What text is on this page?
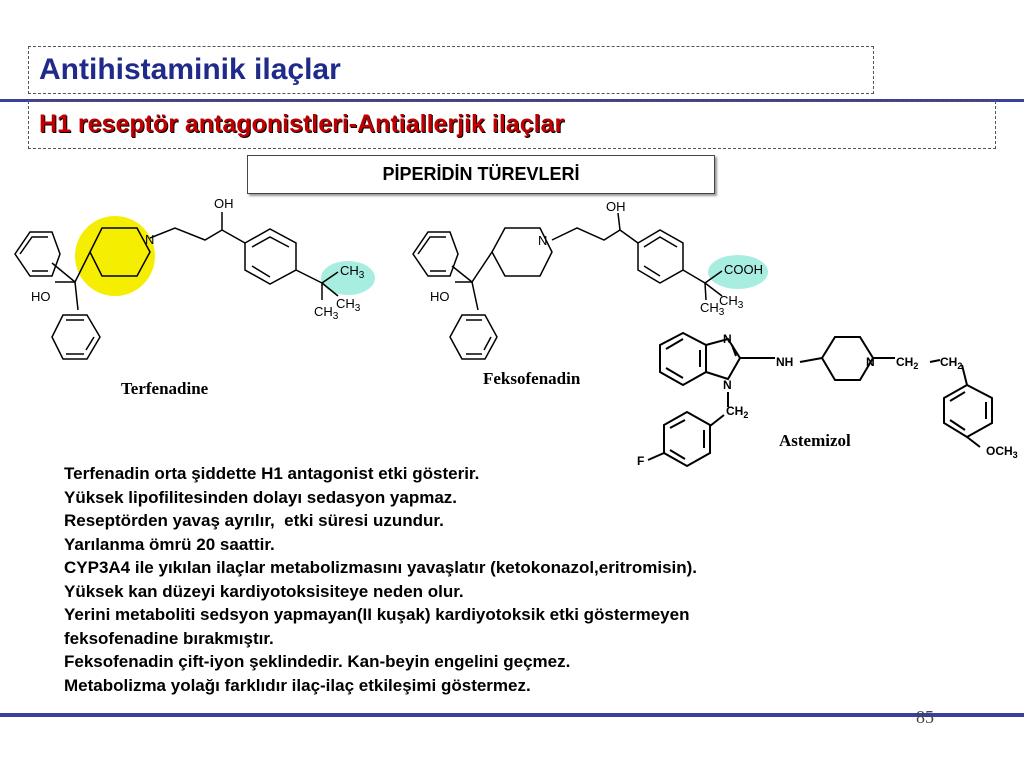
Antihistaminik ilaçlar
H1 reseptör antagonistleri-Antiallerjik ilaçlar
PİPERİDİN TÜREVLERİ
N
OH
$CH_3$
$CH_3$
$CH_3$
HO
N
OH
COOH
$CH_3$
$CH_3$
HO
N
N
NH	N $CH_2$ $CH_2$
$CH_2$
F
$OCH_3$
Terfenadine
Feksofenadin
Astemizol
Terfenadin orta şiddette H1 antagonist etki gösterir.
Yüksek lipofilitesinden dolayı sedasyon yapmaz.
Reseptörden yavaş ayrılır,  etki süresi uzundur.
Yarılanma ömrü 20 saattir.
CYP3A4 ile yıkılan ilaçlar metabolizmasını yavaşlatır (ketokonazol,eritromisin).
Yüksek kan düzeyi kardiyotoksisiteye neden olur.
Yerini metaboliti sedsyon yapmayan(II kuşak) kardiyotoksik etki göstermeyen
feksofenadine bırakmıştır.
Feksofenadin çift-iyon şeklindedir. Kan-beyin engelini geçmez.
Metabolizma yolağı farklıdır ilaç-ilaç etkileşimi göstermez.
85
